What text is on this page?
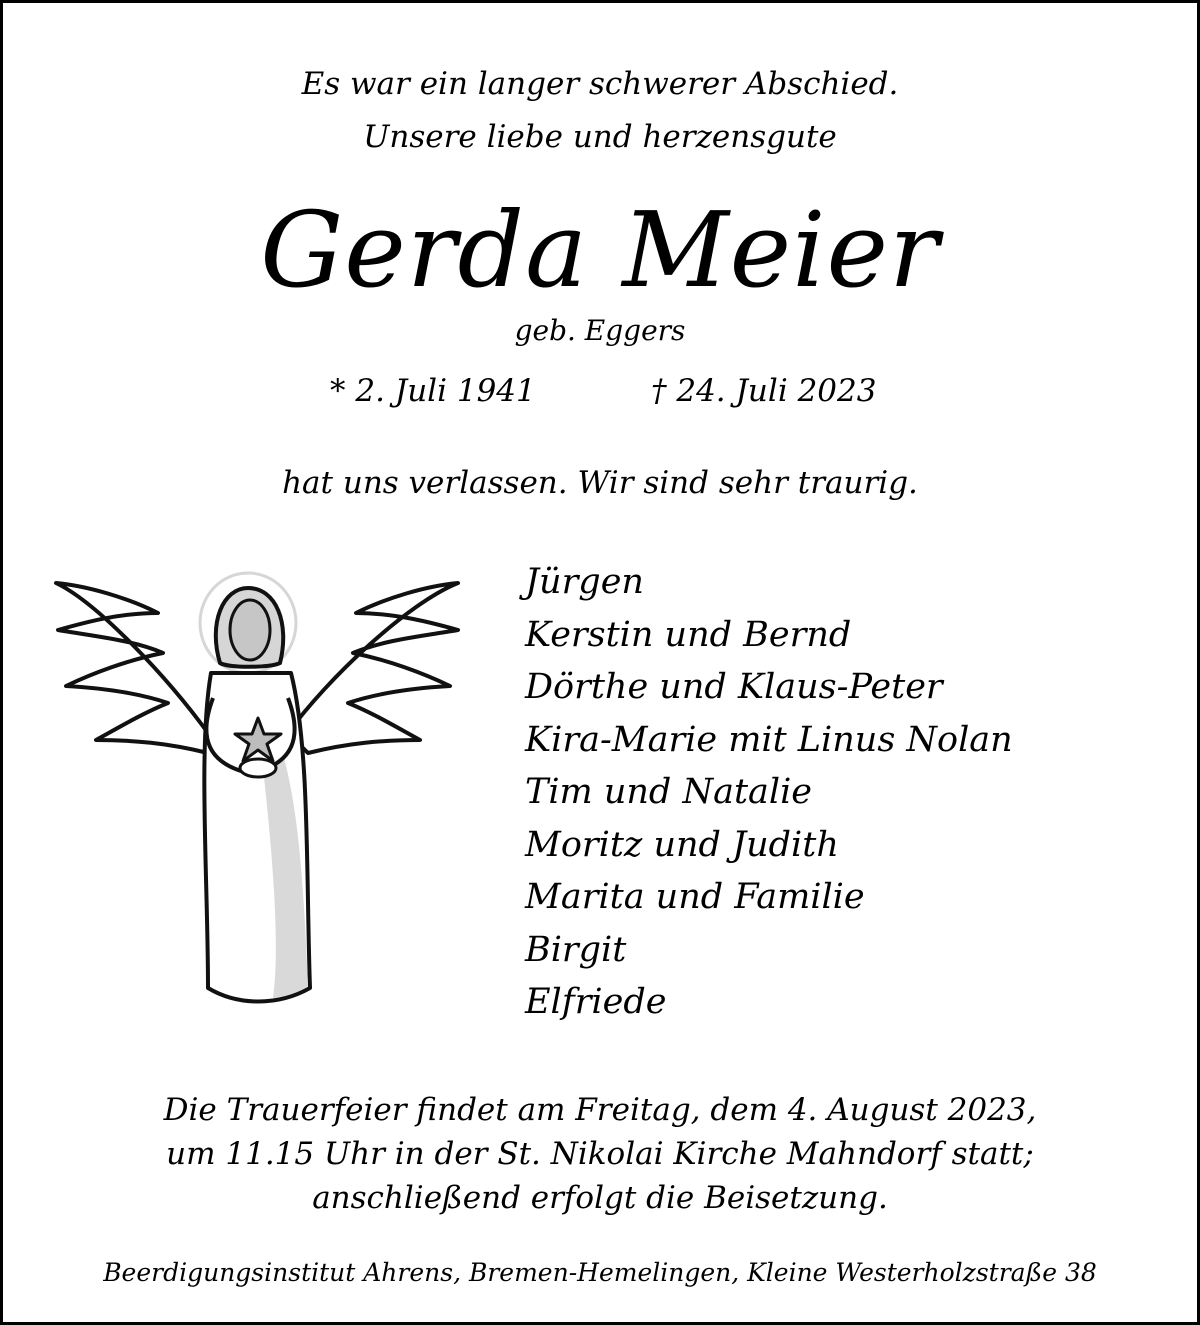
Es war ein langer schwerer Abschied.
Unsere liebe und herzensgute
Gerda Meier
geb. Eggers
* 2. Juli 1941	† 24. Juli 2023
hat uns verlassen. Wir sind sehr traurig.
Jürgen
Kerstin und Bernd
Dörthe und Klaus-Peter
Kira-Marie mit Linus Nolan
Tim und Natalie
Moritz und Judith
Marita und Familie
Birgit
Elfriede
Die Trauerfeier findet am Freitag, dem 4. August 2023,
um 11.15 Uhr in der St. Nikolai Kirche Mahndorf statt;
anschließend erfolgt die Beisetzung.
Beerdigungsinstitut Ahrens, Bremen-Hemelingen, Kleine Westerholzstraße 38
